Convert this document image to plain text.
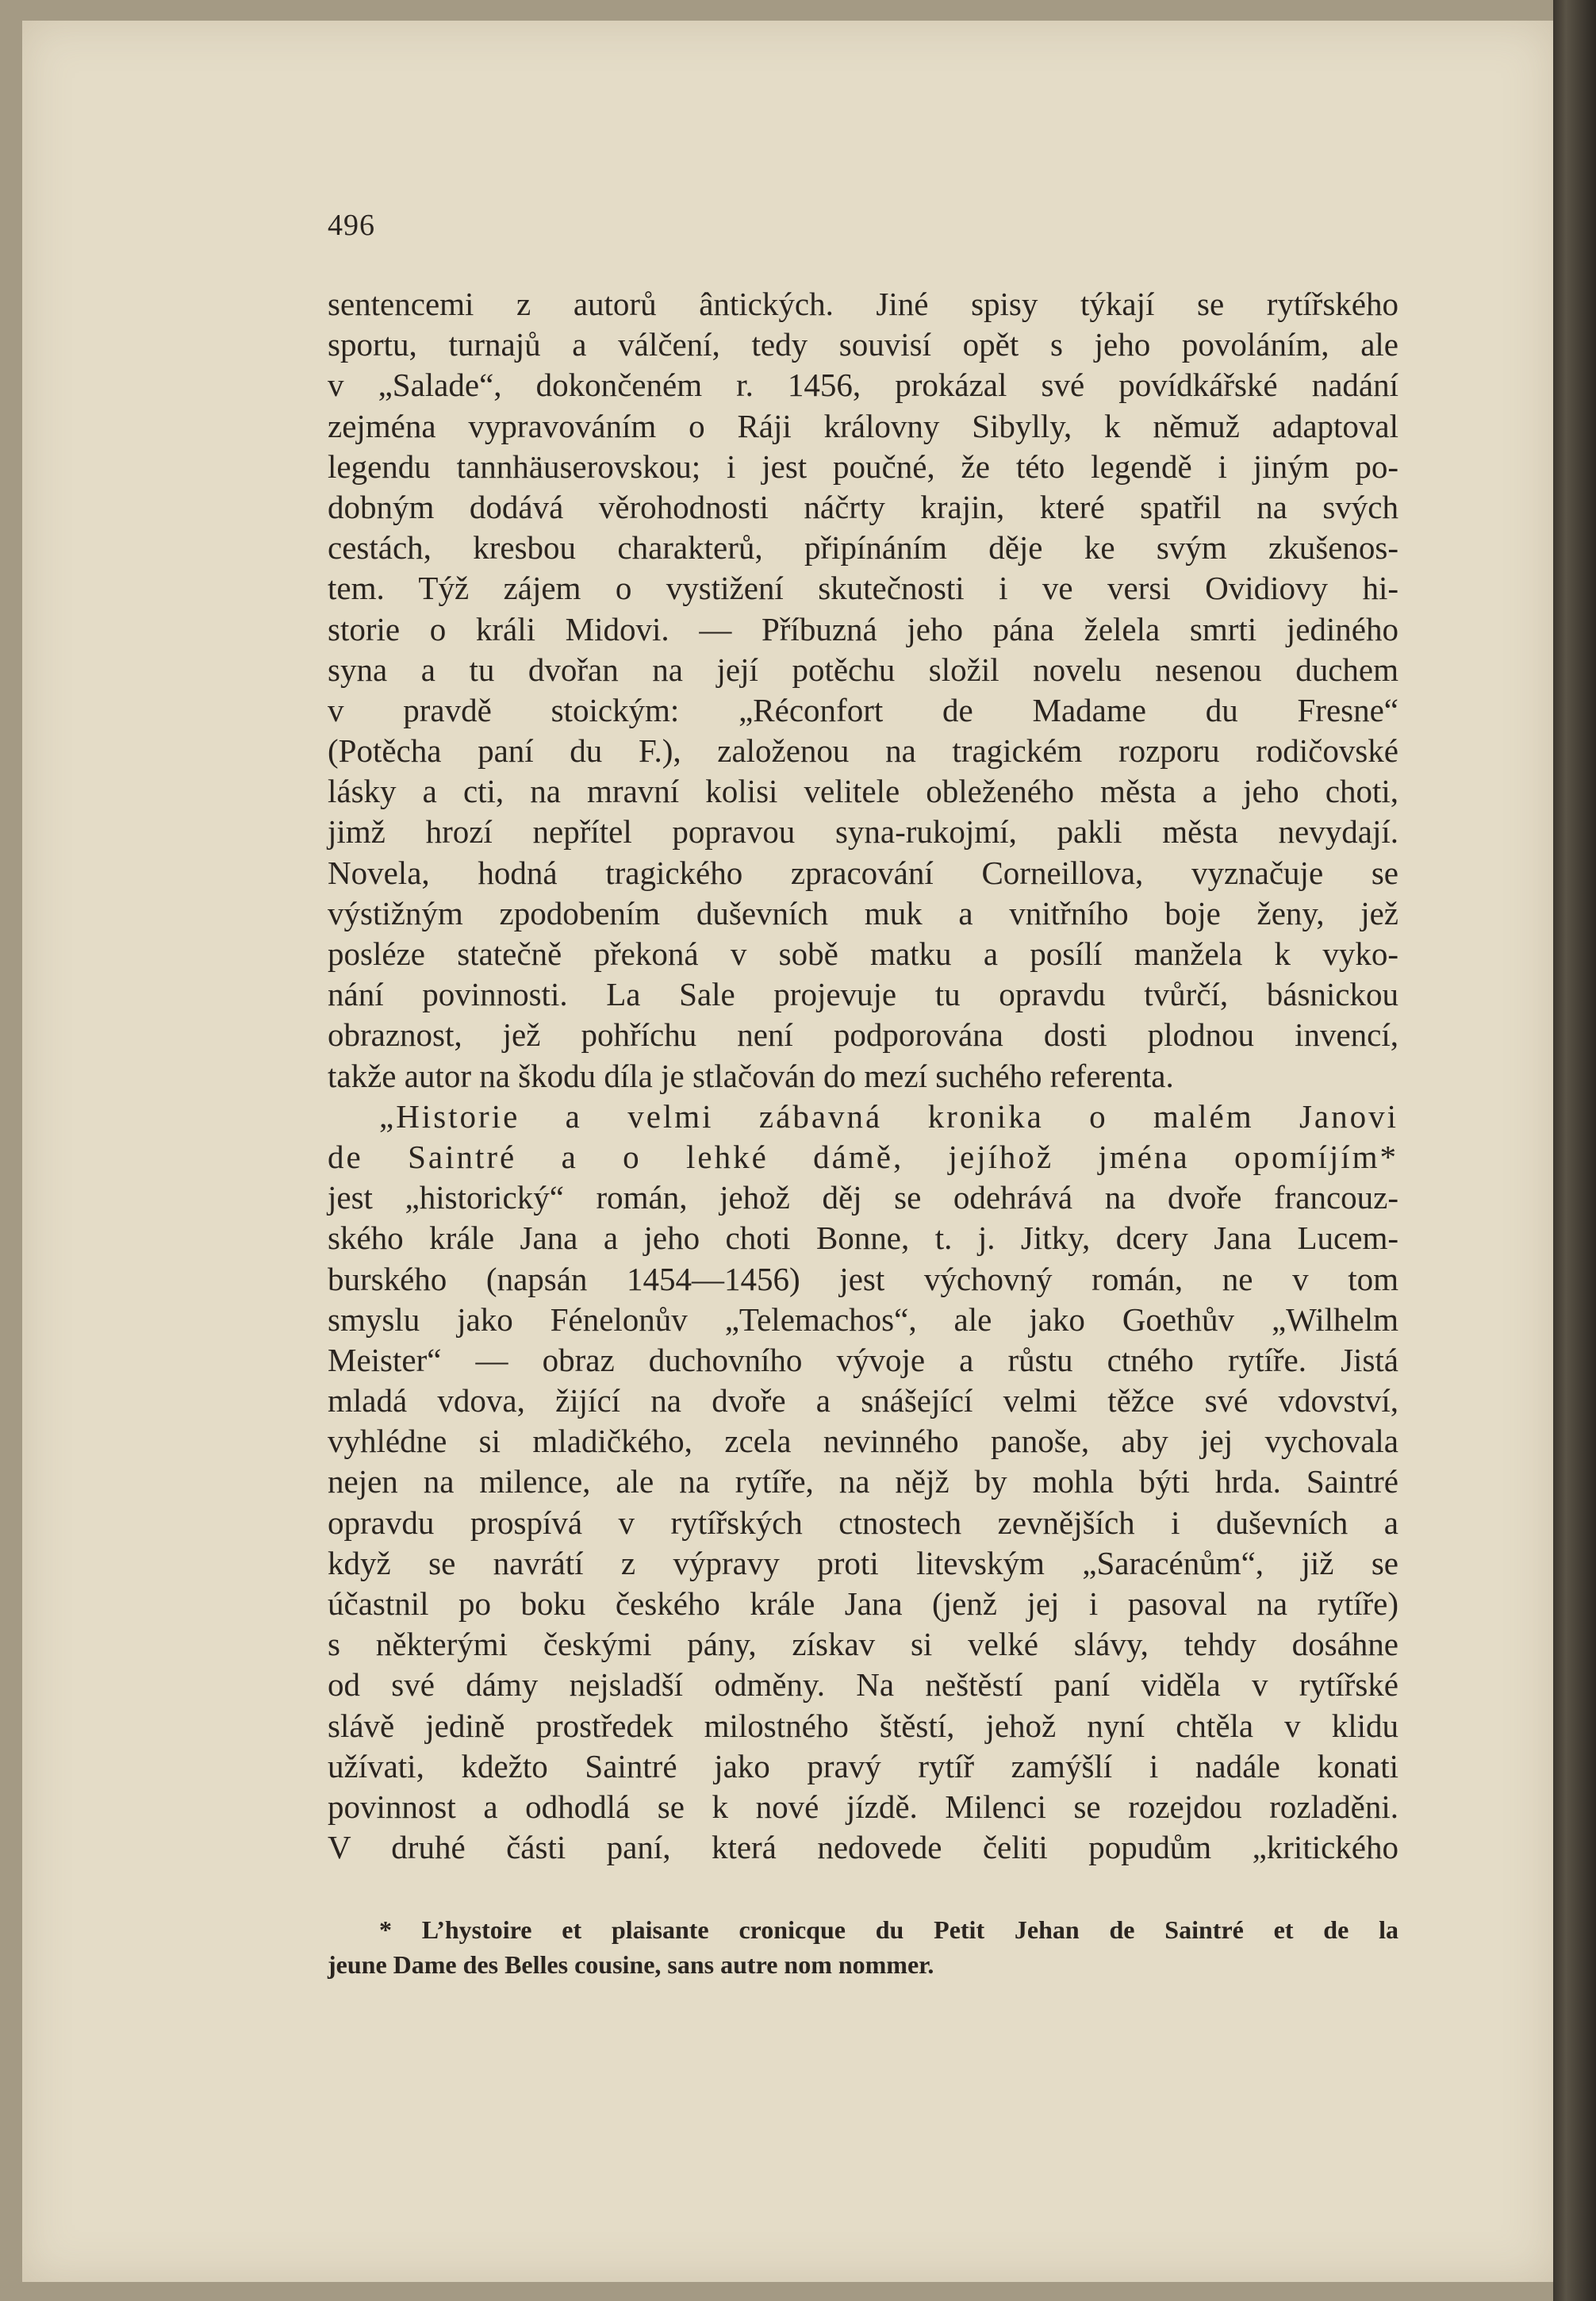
496
sentencemi z autorů ântických. Jiné spisy týkají se rytířského
sportu, turnajů a válčení, tedy souvisí opět s jeho povoláním, ale
v „Salade“, dokončeném r. 1456, prokázal své povídkářské nadání
zejména vypravováním o Ráji královny Sibylly, k němuž adaptoval
legendu tannhäuserovskou; i jest poučné, že této legendě i jiným po-
dobným dodává věrohodnosti náčrty krajin, které spatřil na svých
cestách, kresbou charakterů, připínáním děje ke svým zkušenos-
tem. Týž zájem o vystižení skutečnosti i ve versi Ovidiovy hi-
storie o králi Midovi. — Příbuzná jeho pána želela smrti jediného
syna a tu dvořan na její potěchu složil novelu nesenou duchem
v pravdě stoickým: „Réconfort de Madame du Fresne“
(Potěcha paní du F.), založenou na tragickém rozporu rodičovské
lásky a cti, na mravní kolisi velitele obleženého města a jeho choti,
jimž hrozí nepřítel popravou syna-rukojmí, pakli města nevydají.
Novela, hodná tragického zpracování Corneillova, vyznačuje se
výstižným zpodobením duševních muk a vnitřního boje ženy, jež
posléze statečně překoná v sobě matku a posílí manžela k vyko-
nání povinnosti. La Sale projevuje tu opravdu tvůrčí, básnickou
obraznost, jež pohříchu není podporována dosti plodnou invencí,
takže autor na škodu díla je stlačován do mezí suchého referenta.
„Historie a velmi zábavná kronika o malém Janovi
de Saintré a o lehké dámě, jejíhož jména opomíjím*
jest „historický“ román, jehož děj se odehrává na dvoře francouz-
ského krále Jana a jeho choti Bonne, t. j. Jitky, dcery Jana Lucem-
burského (napsán 1454—1456) jest výchovný román, ne v tom
smyslu jako Fénelonův „Telemachos“, ale jako Goethův „Wilhelm
Meister“ — obraz duchovního vývoje a růstu ctného rytíře. Jistá
mladá vdova, žijící na dvoře a snášející velmi těžce své vdovství,
vyhlédne si mladičkého, zcela nevinného panoše, aby jej vychovala
nejen na milence, ale na rytíře, na nějž by mohla býti hrda. Saintré
opravdu prospívá v rytířských ctnostech zevnějších i duševních a
když se navrátí z výpravy proti litevským „Saracénům“, již se
účastnil po boku českého krále Jana (jenž jej i pasoval na rytíře)
s některými českými pány, získav si velké slávy, tehdy dosáhne
od své dámy nejsladší odměny. Na neštěstí paní viděla v rytířské
slávě jedině prostředek milostného štěstí, jehož nyní chtěla v klidu
užívati, kdežto Saintré jako pravý rytíř zamýšlí i nadále konati
povinnost a odhodlá se k nové jízdě. Milenci se rozejdou rozladěni.
V druhé části paní, která nedovede čeliti popudům „kritického
* L’hystoire et plaisante cronicque du Petit Jehan de Saintré et de la
jeune Dame des Belles cousine, sans autre nom nommer.
